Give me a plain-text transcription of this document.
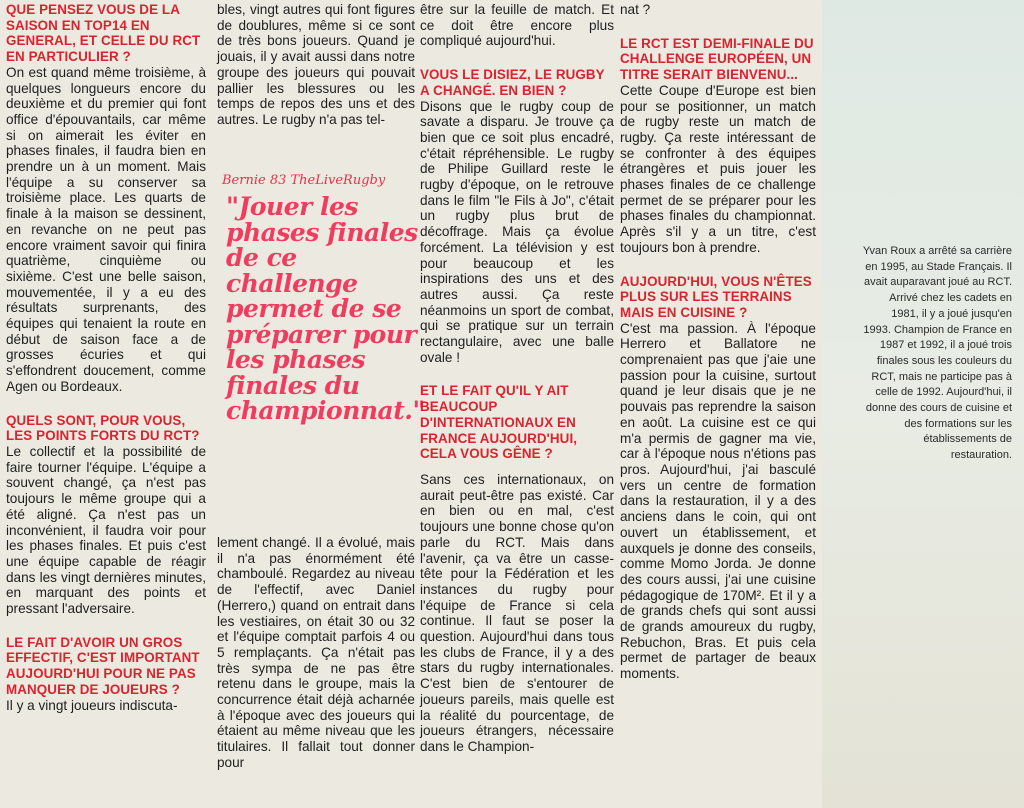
QUE PENSEZ VOUS DE LA SAISON EN TOP14 EN GENERAL, ET CELLE DU RCT EN PARTICULIER ?

On est quand même troisième, à quelques longueurs encore du deuxième et du premier qui font office d'épouvantails, car même si on aimerait les éviter en phases finales, il faudra bien en prendre un à un moment. Mais l'équipe a su conserver sa troisième place. Les quarts de finale à la maison se dessinent, en revanche on ne peut pas encore vraiment savoir qui finira quatrième, cinquième ou sixième. C'est une belle saison, mouvementée, il y a eu des résultats surprenants, des équipes qui tenaient la route en début de saison face a de grosses écuries et qui s'effondrent doucement, comme Agen ou Bordeaux.

QUELS SONT, POUR VOUS, LES POINTS FORTS DU RCT?

Le collectif et la possibilité de faire tourner l'équipe. L'équipe a souvent changé, ça n'est pas toujours le même groupe qui a été aligné. Ça n'est pas un inconvénient, il faudra voir pour les phases finales. Et puis c'est une équipe capable de réagir dans les vingt dernières minutes, en marquant des points et pressant l'adversaire.

LE FAIT D'AVOIR UN GROS EFFECTIF, C'EST IMPORTANT AUJOURD'HUI POUR NE PAS MANQUER DE JOUEURS ?

Il y a vingt joueurs indiscuta-

bles, vingt autres qui font figures de doublures, même si ce sont de très bons joueurs. Quand je jouais, il y avait aussi dans notre groupe des joueurs qui pouvait pallier les blessures ou les temps de repos des uns et des autres. Le rugby n'a pas tel-

Bernie 83 TheLiveRugby
"Jouer les phases finales de ce challenge permet de se préparer pour les phases finales du championnat."

lement changé. Il a évolué, mais il n'a pas énormément été chamboulé. Regardez au niveau de l'effectif, avec Daniel (Herrero,) quand on entrait dans les vestiaires, on était 30 ou 32 et l'équipe comptait parfois 4 ou 5 remplaçants. Ça n'était pas très sympa de ne pas être retenu dans le groupe, mais la concurrence était déjà acharnée à l'époque avec des joueurs qui étaient au même niveau que les titulaires. Il fallait tout donner pour

être sur la feuille de match. Et ce doit être encore plus compliqué aujourd'hui.

VOUS LE DISIEZ, LE RUGBY A CHANGÉ. EN BIEN ?

Disons que le rugby coup de savate a disparu. Je trouve ça bien que ce soit plus encadré, c'était répréhensible. Le rugby de Philipe Guillard reste le rugby d'époque, on le retrouve dans le film "le Fils à Jo", c'était un rugby plus brut de décoffrage. Mais ça évolue forcément. La télévision y est pour beaucoup et les inspirations des uns et des autres aussi. Ça reste néanmoins un sport de combat, qui se pratique sur un terrain rectangulaire, avec une balle ovale !

ET LE FAIT QU'IL Y AIT BEAUCOUP D'INTERNATIONAUX EN FRANCE AUJOURD'HUI, CELA VOUS GÊNE ?

Sans ces internationaux, on aurait peut-être pas existé. Car en bien ou en mal, c'est toujours une bonne chose qu'on parle du RCT. Mais dans l'avenir, ça va être un casse-tête pour la Fédération et les instances du rugby pour l'équipe de France si cela continue. Il faut se poser la question. Aujourd'hui dans tous les clubs de France, il y a des stars du rugby internationales. C'est bien de s'entourer de joueurs pareils, mais quelle est la réalité du pourcentage, de joueurs étrangers, nécessaire dans le Champion-

nat ?

LE RCT EST DEMI-FINALE DU CHALLENGE EUROPÉEN, UN TITRE SERAIT BIENVENU...

Cette Coupe d'Europe est bien pour se positionner, un match de rugby reste un match de rugby. Ça reste intéressant de se confronter à des équipes étrangères et puis jouer les phases finales de ce challenge permet de se préparer pour les phases finales du championnat. Après s'il y a un titre, c'est toujours bon à prendre.

AUJOURD'HUI, VOUS N'ÊTES PLUS SUR LES TERRAINS MAIS EN CUISINE ?

C'est ma passion. À l'époque Herrero et Ballatore ne comprenaient pas que j'aie une passion pour la cuisine, surtout quand je leur disais que je ne pouvais pas reprendre la saison en août. La cuisine est ce qui m'a permis de gagner ma vie, car à l'époque nous n'étions pas pros. Aujourd'hui, j'ai basculé vers un centre de formation dans la restauration, il y a des anciens dans le coin, qui ont ouvert un établissement, et auxquels je donne des conseils, comme Momo Jorda. Je donne des cours aussi, j'ai une cuisine pédagogique de 170M². Et il y a de grands chefs qui sont aussi de grands amoureux du rugby, Rebuchon, Bras. Et puis cela permet de partager de beaux moments.

Yvan Roux a arrêté sa carrière en 1995, au Stade Français. Il avait auparavant joué au RCT. Arrivé chez les cadets en 1981, il y a joué jusqu'en 1993. Champion de France en 1987 et 1992, il a joué trois finales sous les couleurs du RCT, mais ne participe pas à celle de 1992. Aujourd'hui, il donne des cours de cuisine et des formations sur les établissements de restauration.
